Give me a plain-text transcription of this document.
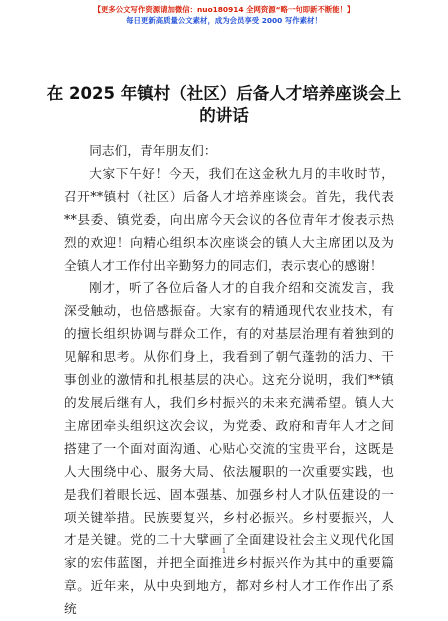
【更多公文写作资源请加微信：nuo180914 全网资源“略一句即新不断能！】
每日更新高质量公文素材，成为会员享受 2000 写作素材！
在 2025 年镇村（社区）后备人才培养座谈会上的讲话

同志们，青年朋友们：

大家下午好！今天，我们在这金秋九月的丰收时节，召开**镇村（社区）后备人才培养座谈会。首先，我代表**县委、镇党委，向出席今天会议的各位青年才俊表示热烈的欢迎！向精心组织本次座谈会的镇人大主席团以及为全镇人才工作付出辛勤努力的同志们，表示衷心的感谢！

刚才，听了各位后备人才的自我介绍和交流发言，我深受触动，也倍感振奋。大家有的精通现代农业技术，有的擅长组织协调与群众工作，有的对基层治理有着独到的见解和思考。从你们身上，我看到了朝气蓬勃的活力、干事创业的激情和扎根基层的决心。这充分说明，我们**镇的发展后继有人，我们乡村振兴的未来充满希望。镇人大主席团牵头组织这次会议，为党委、政府和青年人才之间搭建了一个面对面沟通、心贴心交流的宝贵平台，这既是人大围绕中心、服务大局、依法履职的一次重要实践，也是我们着眼长远、固本强基、加强乡村人才队伍建设的一项关键举措。民族要复兴，乡村必振兴。乡村要振兴，人才是关键。党的二十大擘画了全面建设社会主义现代化国家的宏伟蓝图，并把全面推进乡村振兴作为其中的重要篇章。近年来，从中央到地方，都对乡村人才工作作出了系统

1
